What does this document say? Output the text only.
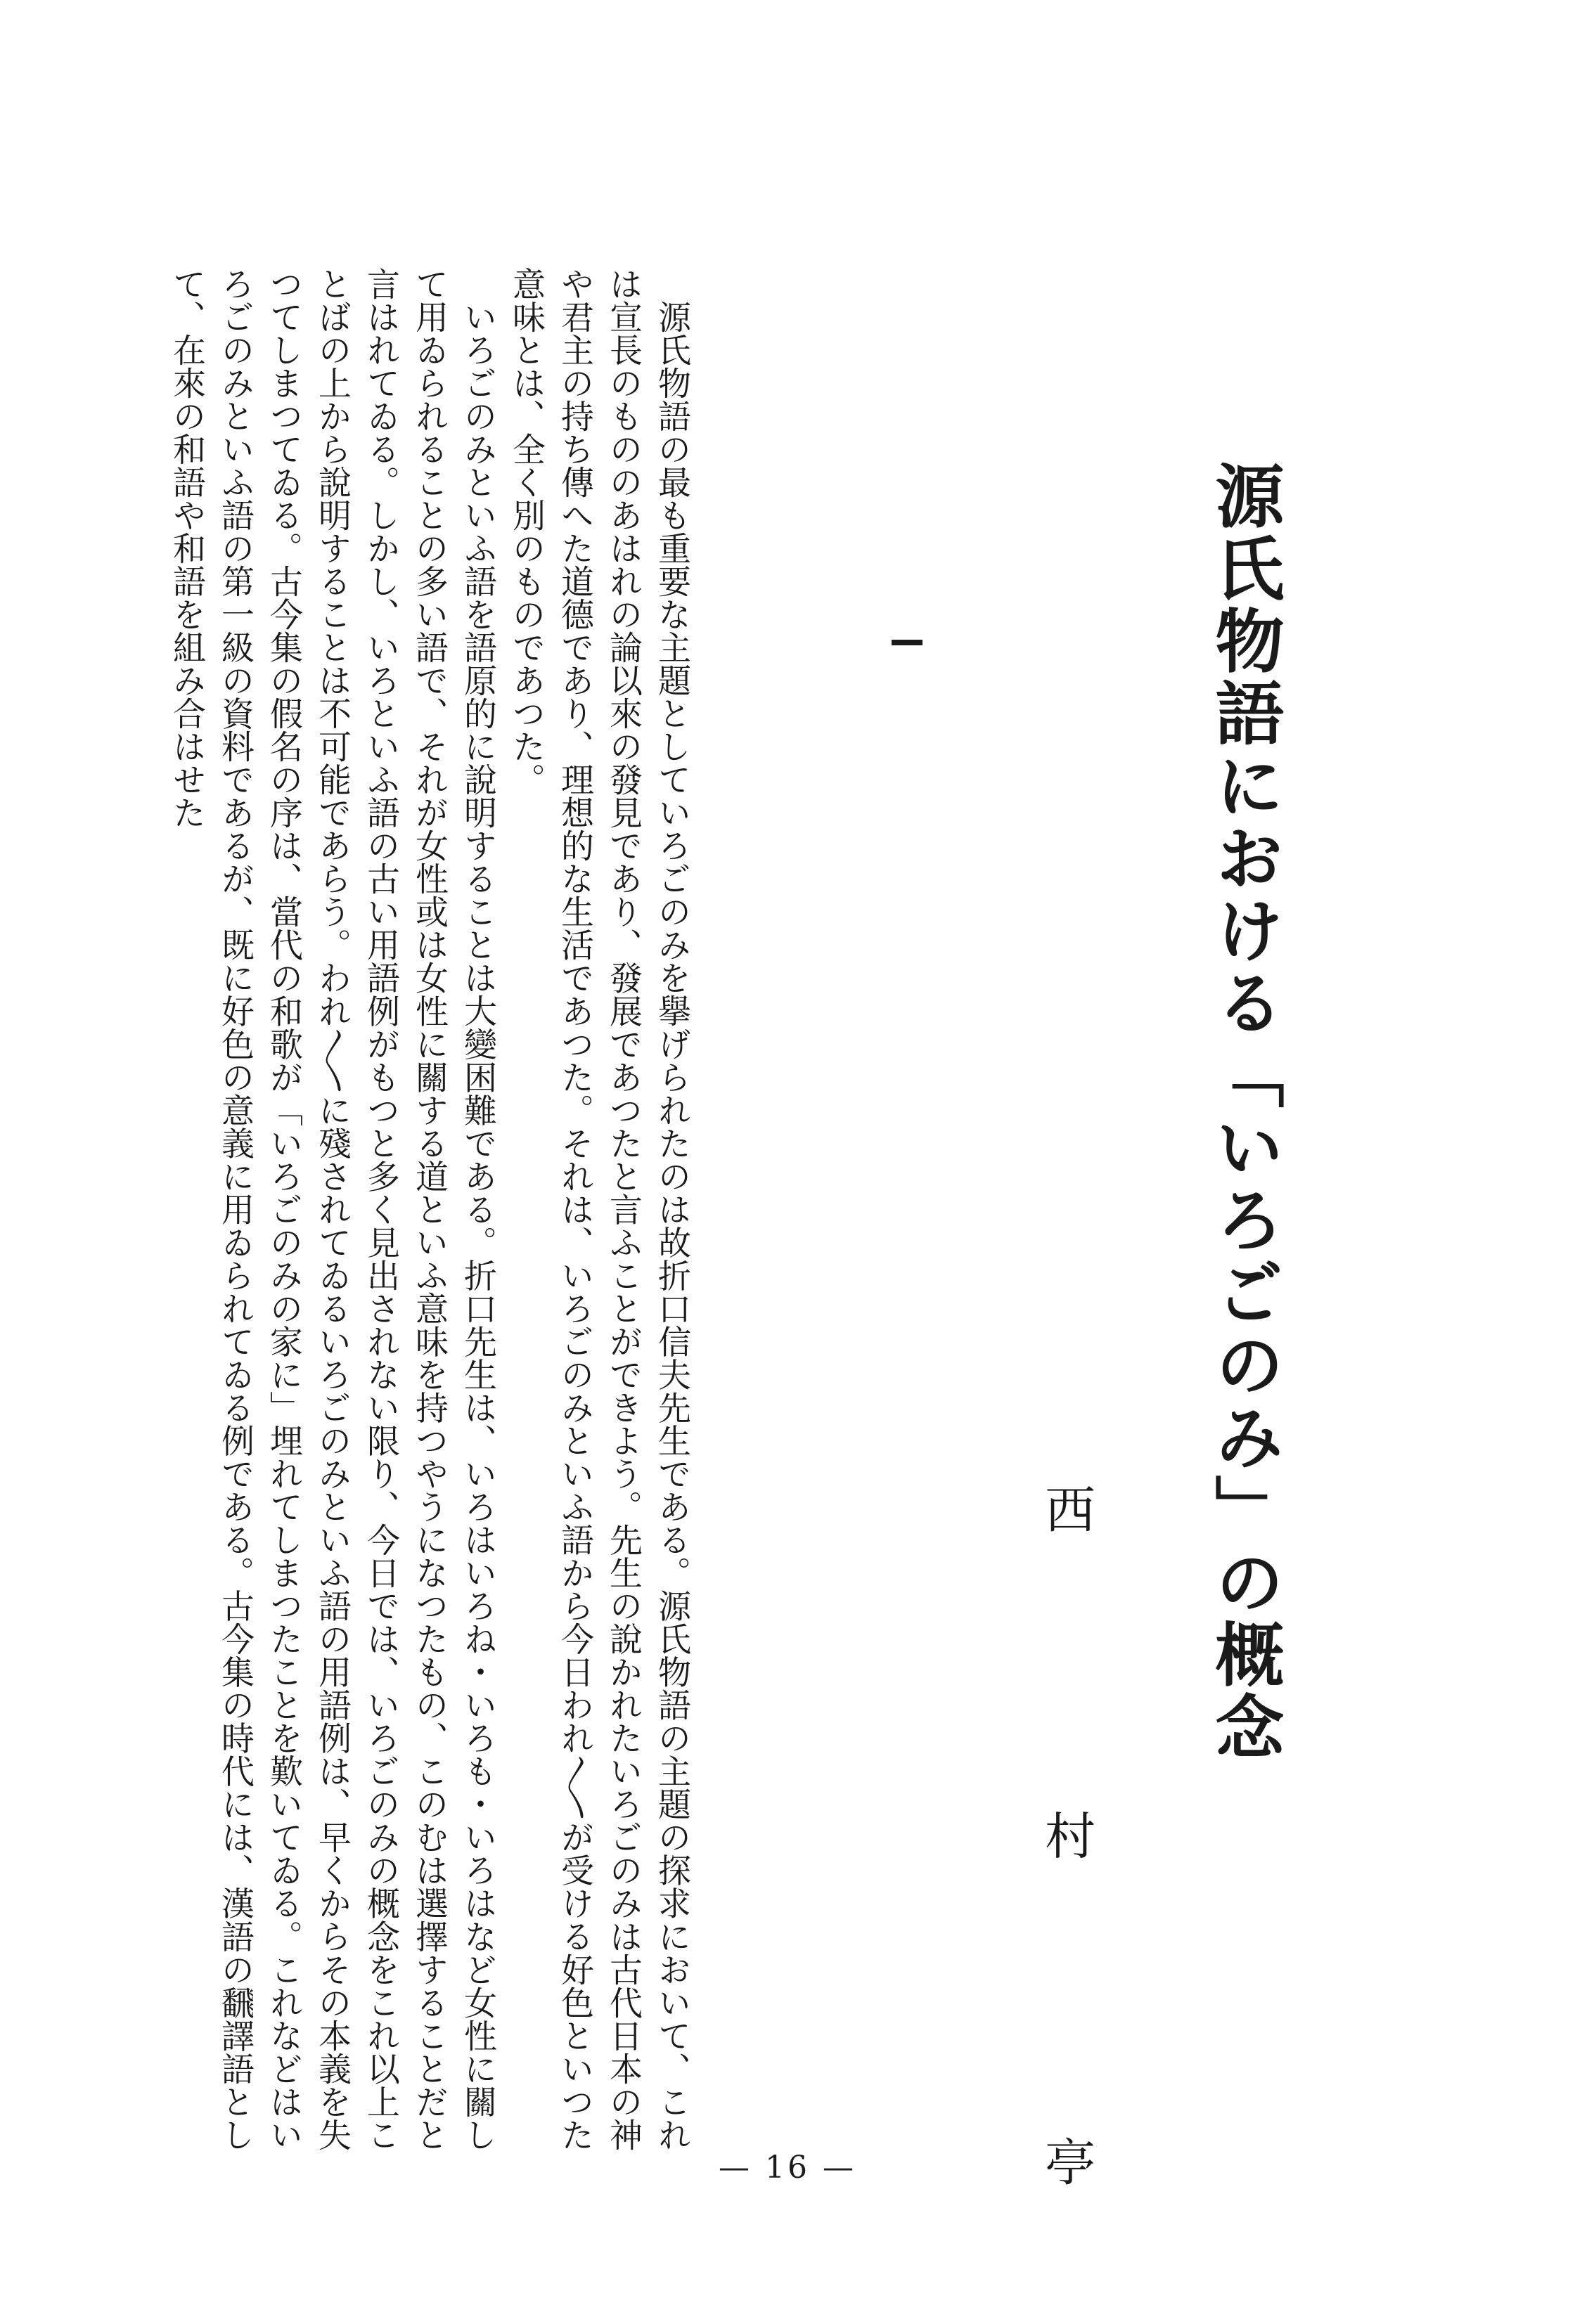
源氏物語における「いろごのみ」の概念
西
村
亭

源氏物語の最も重要な主題としていろごのみを擧げられたのは故折口信夫先生である。源氏物語の主題の探求において、これは宣長のもののあはれの論以來の發見であり、發展であつたと言ふことができよう。先生の說かれたいろごのみは古代日本の神や君主の持ち傳へた道德であり、理想的な生活であつた。それは、いろごのみといふ語から今日われ〳〵が受ける好色といつた意味とは、全く別のものであつた。

いろごのみといふ語を語原的に說明することは大變困難である。折口先生は、いろはいろね・いろも・いろはなど女性に關して用ゐられることの多い語で、それが女性或は女性に關する道といふ意味を持つやうになつたもの、このむは選擇することだと言はれてゐる。しかし、いろといふ語の古い用語例がもつと多く見出されない限り、今日では、いろごのみの概念をこれ以上ことばの上から說明することは不可能であらう。われ〳〵に殘されてゐるいろごのみといふ語の用語例は、早くからその本義を失つてしまつてゐる。古今集の假名の序は、當代の和歌が「いろごのみの家に」埋れてしまつたことを歎いてゐる。これなどはいろごのみといふ語の第一級の資料であるが、既に好色の意義に用ゐられてゐる例である。古今集の時代には、漢語の飜譯語として、在來の和語や和語を組み合はせた

— 16 —
